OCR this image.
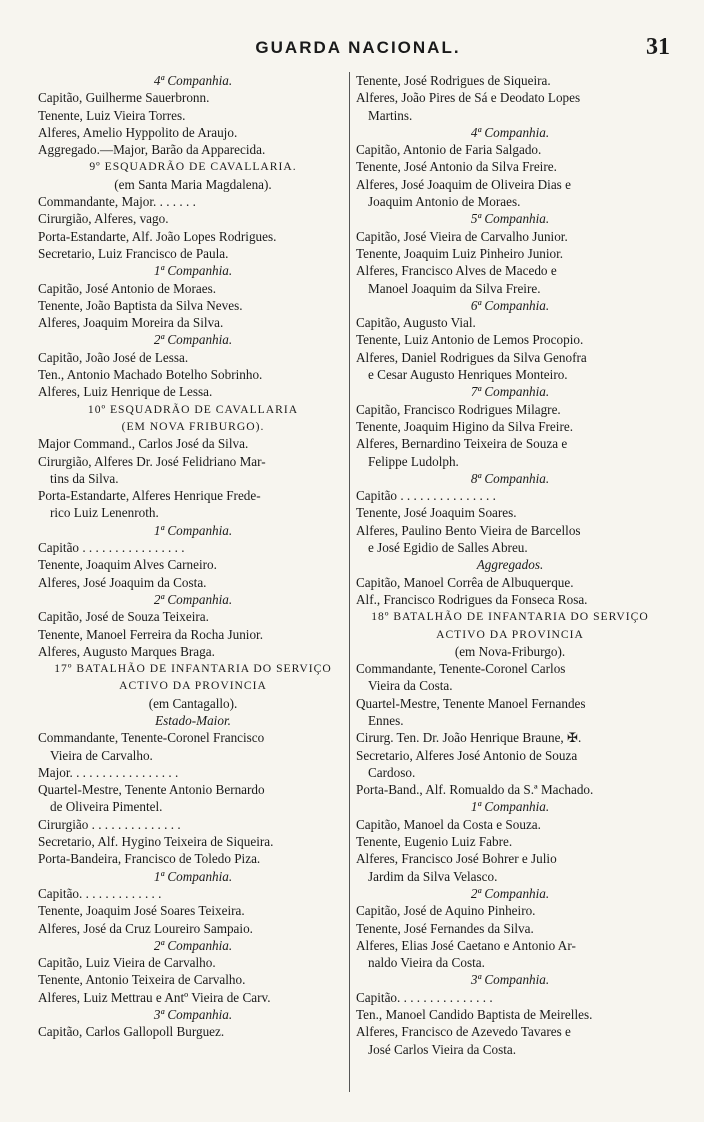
GUARDA NACIONAL.	31
4ª Companhia.
Capitão, Guilherme Sauerbronn.
Tenente, Luiz Vieira Torres.
Alferes, Amelio Hyppolito de Araujo.
Aggregado.—Major, Barão da Apparecida.
9º ESQUADRÃO DE CAVALLARIA.
(em Santa Maria Magdalena).
Commandante, Major. . . . . . .
Cirurgião, Alferes, vago.
Porta-Estandarte, Alf. João Lopes Rodrigues.
Secretario, Luiz Francisco de Paula.
1ª Companhia.
Capitão, José Antonio de Moraes.
Tenente, João Baptista da Silva Neves.
Alferes, Joaquim Moreira da Silva.
2ª Companhia.
Capitão, João José de Lessa.
Ten., Antonio Machado Botelho Sobrinho.
Alferes, Luiz Henrique de Lessa.
10º ESQUADRÃO DE CAVALLARIA
(EM NOVA FRIBURGO).
Major Command., Carlos José da Silva.
Cirurgião, Alferes Dr. José Felidriano Mar-
tins da Silva.
Porta-Estandarte, Alferes Henrique Frede-
rico Luiz Lenenroth.
1ª Companhia.
Capitão . . . . . . . . . . . . . . . .
Tenente, Joaquim Alves Carneiro.
Alferes, José Joaquim da Costa.
2ª Companhia.
Capitão, José de Souza Teixeira.
Tenente, Manoel Ferreira da Rocha Junior.
Alferes, Augusto Marques Braga.
17º BATALHÃO DE INFANTARIA DO SERVIÇO
ACTIVO DA PROVINCIA
(em Cantagallo).
Estado-Maior.
Commandante, Tenente-Coronel Francisco
Vieira de Carvalho.
Major. . . . . . . . . . . . . . . . .
Quartel-Mestre, Tenente Antonio Bernardo
de Oliveira Pimentel.
Cirurgião . . . . . . . . . . . . . .
Secretario, Alf. Hygino Teixeira de Siqueira.
Porta-Bandeira, Francisco de Toledo Piza.
1ª Companhia.
Capitão. . . . . . . . . . . . .
Tenente, Joaquim José Soares Teixeira.
Alferes, José da Cruz Loureiro Sampaio.
2ª Companhia.
Capitão, Luiz Vieira de Carvalho.
Tenente, Antonio Teixeira de Carvalho.
Alferes, Luiz Mettrau e Antº Vieira de Carv.
3ª Companhia.
Capitão, Carlos Gallopoll Burguez.
Tenente, José Rodrigues de Siqueira.
Alferes, João Pires de Sá e Deodato Lopes
Martins.
4ª Companhia.
Capitão, Antonio de Faria Salgado.
Tenente, José Antonio da Silva Freire.
Alferes, José Joaquim de Oliveira Dias e
Joaquim Antonio de Moraes.
5ª Companhia.
Capitão, José Vieira de Carvalho Junior.
Tenente, Joaquim Luiz Pinheiro Junior.
Alferes, Francisco Alves de Macedo e
Manoel Joaquim da Silva Freire.
6ª Companhia.
Capitão, Augusto Vial.
Tenente, Luiz Antonio de Lemos Procopio.
Alferes, Daniel Rodrigues da Silva Genofra
e Cesar Augusto Henriques Monteiro.
7ª Companhia.
Capitão, Francisco Rodrigues Milagre.
Tenente, Joaquim Higino da Silva Freire.
Alferes, Bernardino Teixeira de Souza e
Felippe Ludolph.
8ª Companhia.
Capitão . . . . . . . . . . . . . . .
Tenente, José Joaquim Soares.
Alferes, Paulino Bento Vieira de Barcellos
e José Egidio de Salles Abreu.
Aggregados.
Capitão, Manoel Corrêa de Albuquerque.
Alf., Francisco Rodrigues da Fonseca Rosa.
18º BATALHÃO DE INFANTARIA DO SERVIÇO
ACTIVO DA PROVINCIA
(em Nova-Friburgo).
Commandante, Tenente-Coronel Carlos
Vieira da Costa.
Quartel-Mestre, Tenente Manoel Fernandes
Ennes.
Cirurg. Ten. Dr. João Henrique Braune, ✠.
Secretario, Alferes José Antonio de Souza
Cardoso.
Porta-Band., Alf. Romualdo da S.ª Machado.
1ª Companhia.
Capitão, Manoel da Costa e Souza.
Tenente, Eugenio Luiz Fabre.
Alferes, Francisco José Bohrer e Julio
Jardim da Silva Velasco.
2ª Companhia.
Capitão, José de Aquino Pinheiro.
Tenente, José Fernandes da Silva.
Alferes, Elias José Caetano e Antonio Ar-
naldo Vieira da Costa.
3ª Companhia.
Capitão. . . . . . . . . . . . . . .
Ten., Manoel Candido Baptista de Meirelles.
Alferes, Francisco de Azevedo Tavares e
José Carlos Vieira da Costa.
